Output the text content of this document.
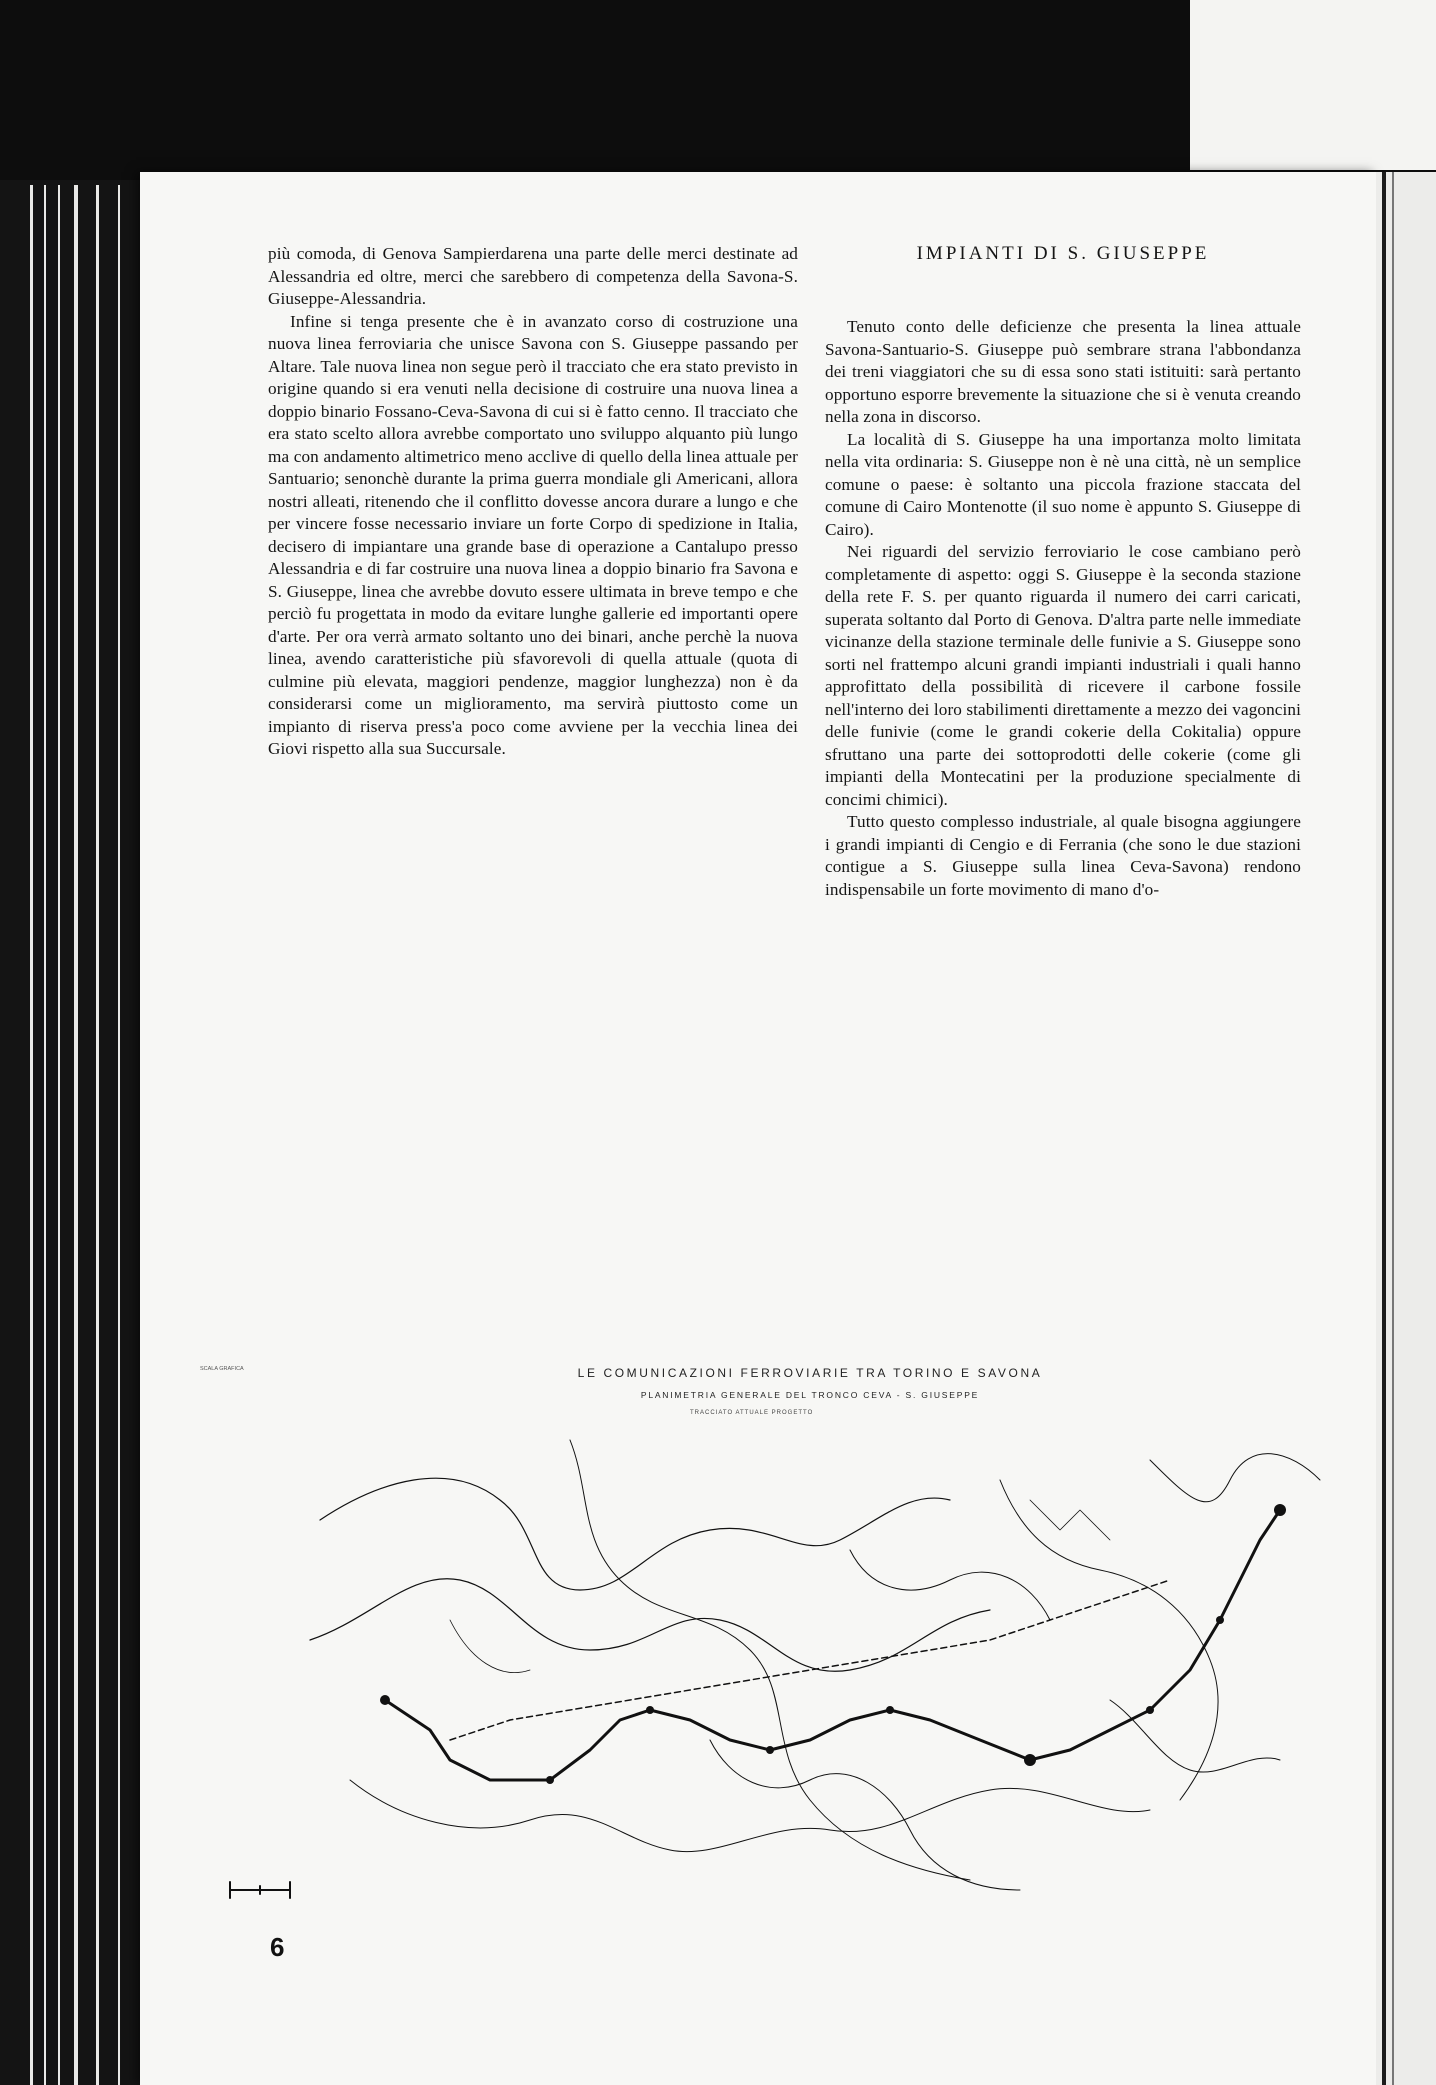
più comoda, di Genova Sampierdarena una parte delle merci destinate ad Alessandria ed oltre, merci che sarebbero di competenza della Savona-S. Giuseppe-Alessandria.

Infine si tenga presente che è in avanzato corso di costruzione una nuova linea ferroviaria che unisce Savona con S. Giuseppe passando per Altare. Tale nuova linea non segue però il tracciato che era stato previsto in origine quando si era venuti nella decisione di costruire una nuova linea a doppio binario Fossano-Ceva-Savona di cui si è fatto cenno. Il tracciato che era stato scelto allora avrebbe comportato uno sviluppo alquanto più lungo ma con andamento altimetrico meno acclive di quello della linea attuale per Santuario; senonchè durante la prima guerra mondiale gli Americani, allora nostri alleati, ritenendo che il conflitto dovesse ancora durare a lungo e che per vincere fosse necessario inviare un forte Corpo di spedizione in Italia, decisero di impiantare una grande base di operazione a Cantalupo presso Alessandria e di far costruire una nuova linea a doppio binario fra Savona e S. Giuseppe, linea che avrebbe dovuto essere ultimata in breve tempo e che perciò fu progettata in modo da evitare lunghe gallerie ed importanti opere d'arte. Per ora verrà armato soltanto uno dei binari, anche perchè la nuova linea, avendo caratteristiche più sfavorevoli di quella attuale (quota di culmine più elevata, maggiori pendenze, maggior lunghezza) non è da considerarsi come un miglioramento, ma servirà piuttosto come un impianto di riserva press'a poco come avviene per la vecchia linea dei Giovi rispetto alla sua Succursale.

IMPIANTI DI S. GIUSEPPE

Tenuto conto delle deficienze che presenta la linea attuale Savona-Santuario-S. Giuseppe può sembrare strana l'abbondanza dei treni viaggiatori che su di essa sono stati istituiti: sarà pertanto opportuno esporre brevemente la situazione che si è venuta creando nella zona in discorso.

La località di S. Giuseppe ha una importanza molto limitata nella vita ordinaria: S. Giuseppe non è nè una città, nè un semplice comune o paese: è soltanto una piccola frazione staccata del comune di Cairo Montenotte (il suo nome è appunto S. Giuseppe di Cairo).

Nei riguardi del servizio ferroviario le cose cambiano però completamente di aspetto: oggi S. Giuseppe è la seconda stazione della rete F. S. per quanto riguarda il numero dei carri caricati, superata soltanto dal Porto di Genova. D'altra parte nelle immediate vicinanze della stazione terminale delle funivie a S. Giuseppe sono sorti nel frattempo alcuni grandi impianti industriali i quali hanno approfittato della possibilità di ricevere il carbone fossile nell'interno dei loro stabilimenti direttamente a mezzo dei vagoncini delle funivie (come le grandi cokerie della Cokitalia) oppure sfruttano una parte dei sottoprodotti delle cokerie (come gli impianti della Montecatini per la produzione specialmente di concimi chimici).

Tutto questo complesso industriale, al quale bisogna aggiungere i grandi impianti di Cengio e di Ferrania (che sono le due stazioni contigue a S. Giuseppe sulla linea Ceva-Savona) rendono indispensabile un forte movimento di mano d'o-

SCALA GRAFICA	LE COMUNICAZIONI FERROVIARIE TRA TORINO E SAVONA
PLANIMETRIA GENERALE DEL TRONCO CEVA - S. GIUSEPPE
TRACCIATO ATTUALE PROGETTO
6
